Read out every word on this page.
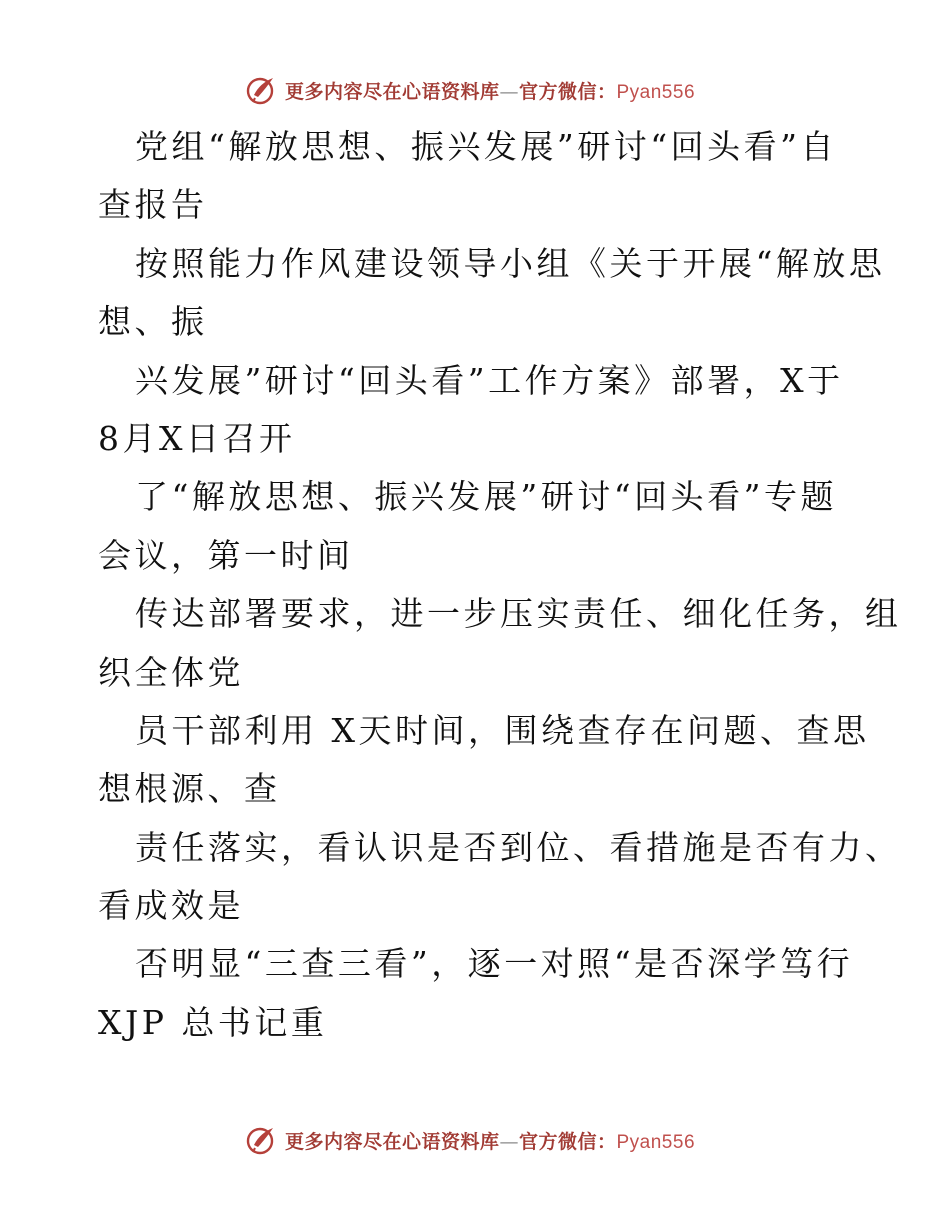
更多内容尽在心语资料库—官方微信：Pyan556
党组“解放思想、振兴发展”研讨“回头看”自
查报告
按照能力作风建设领导小组《关于开展“解放思
想、振
兴发展”研讨“回头看”工作方案》部署，X于
8月X日召开
了“解放思想、振兴发展”研讨“回头看”专题
会议，第一时间
传达部署要求，进一步压实责任、细化任务，组
织全体党
员干部利用 X天时间，围绕查存在问题、查思
想根源、查
责任落实，看认识是否到位、看措施是否有力、
看成效是
否明显“三查三看”，逐一对照“是否深学笃行
XJP 总书记重
更多内容尽在心语资料库—官方微信：Pyan556
